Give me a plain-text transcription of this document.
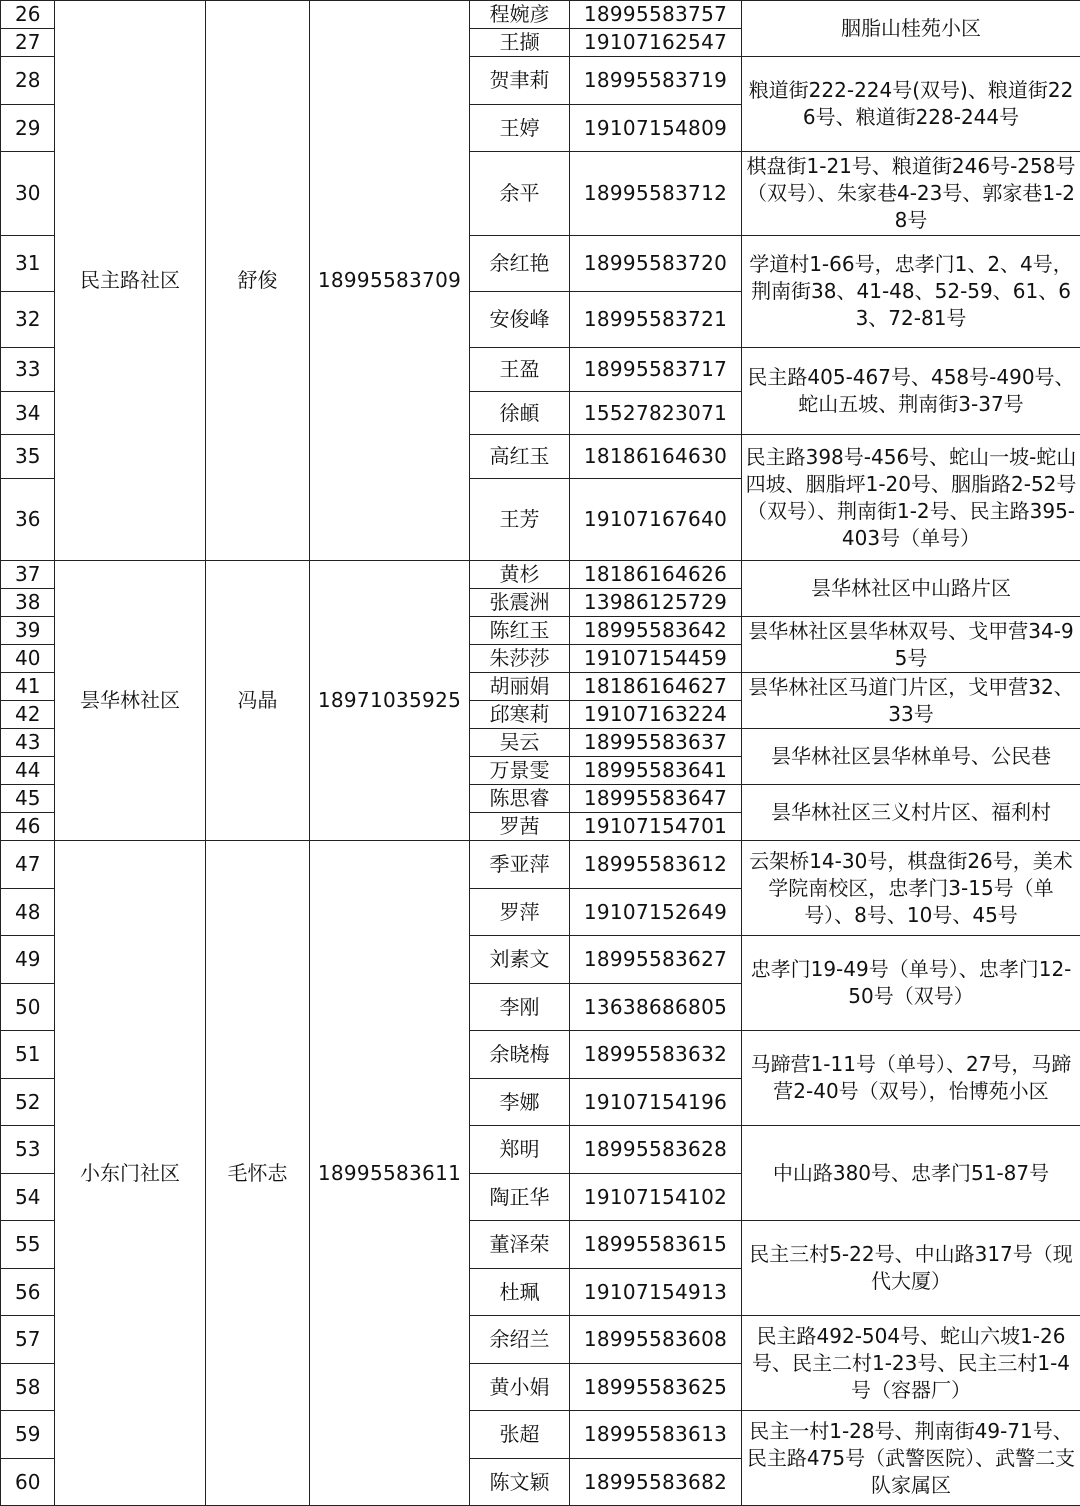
26	民主路社区	舒俊	18995583709	程婉彦	18995583757	胭脂山桂苑小区
27				王撷	19107162547	
28				贺聿莉	18995583719	粮道街222-224号(双号)、粮道街226号、粮道街228-244号
29				王婷	19107154809	
30				余平	18995583712	棋盘街1-21号、粮道街246号-258号（双号）、朱家巷4-23号、郭家巷1-28号
31				余红艳	18995583720	学道村1-66号，忠孝门1、2、4号，荆南街38、41-48、52-59、61、63、72-81号
32				安俊峰	18995583721	
33				王盈	18995583717	民主路405-467号、458号-490号、蛇山五坡、荆南街3-37号
34				徐頔	15527823071	
35				高红玉	18186164630	民主路398号-456号、蛇山一坡-蛇山四坡、胭脂坪1-20号、胭脂路2-52号（双号）、荆南街1-2号、民主路395-403号（单号）
36				王芳	19107167640	
37	昙华林社区	冯晶	18971035925	黄杉	18186164626	昙华林社区中山路片区
38				张震洲	13986125729	
39				陈红玉	18995583642	昙华林社区昙华林双号、戈甲营34-95号
40				朱莎莎	19107154459	
41				胡丽娟	18186164627	昙华林社区马道门片区，戈甲营32、33号
42				邱寒莉	19107163224	
43				吴云	18995583637	昙华林社区昙华林单号、公民巷
44				万景雯	18995583641	
45				陈思睿	18995583647	昙华林社区三义村片区、福利村
46				罗茜	19107154701	
47	小东门社区	毛怀志	18995583611	季亚萍	18995583612	云架桥14-30号，棋盘街26号，美术学院南校区，忠孝门3-15号（单号）、8号、10号、45号
48				罗萍	19107152649	
49				刘素文	18995583627	忠孝门19-49号（单号）、忠孝门12-50号（双号）
50				李刚	13638686805	
51				余晓梅	18995583632	马蹄营1-11号（单号）、27号，马蹄营2-40号（双号），怡博苑小区
52				李娜	19107154196	
53				郑明	18995583628	中山路380号、忠孝门51-87号
54				陶正华	19107154102	
55				董泽荣	18995583615	民主三村5-22号、中山路317号（现代大厦）
56				杜珮	19107154913	
57				余绍兰	18995583608	民主路492-504号、蛇山六坡1-26号、民主二村1-23号、民主三村1-4号（容器厂）
58				黄小娟	18995583625	
59				张超	18995583613	民主一村1-28号、荆南街49-71号、民主路475号（武警医院）、武警二支队家属区
60				陈文颖	18995583682	
